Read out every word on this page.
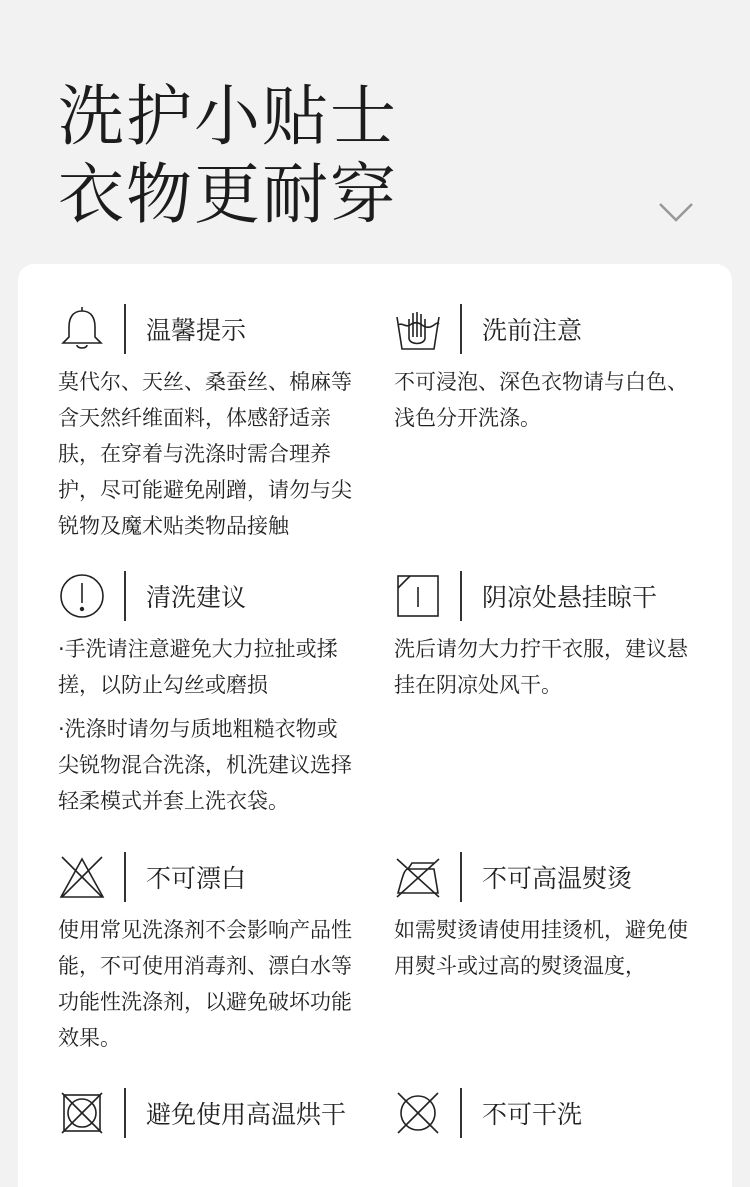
洗护小贴士
衣物更耐穿
温馨提示

莫代尔、天丝、桑蚕丝、棉麻等含天然纤维面料，体感舒适亲肤，在穿着与洗涤时需合理养护，尽可能避免剐蹭，请勿与尖锐物及魔术贴类物品接触

洗前注意

不可浸泡、深色衣物请与白色、浅色分开洗涤。

清洗建议

·手洗请注意避免大力拉扯或揉搓，以防止勾丝或磨损

·洗涤时请勿与质地粗糙衣物或尖锐物混合洗涤，机洗建议选择轻柔模式并套上洗衣袋。

阴凉处悬挂晾干

洗后请勿大力拧干衣服，建议悬挂在阴凉处风干。

不可漂白

使用常见洗涤剂不会影响产品性能，不可使用消毒剂、漂白水等功能性洗涤剂，以避免破坏功能效果。

不可高温熨烫

如需熨烫请使用挂烫机，避免使用熨斗或过高的熨烫温度，

避免使用高温烘干	不可干洗
